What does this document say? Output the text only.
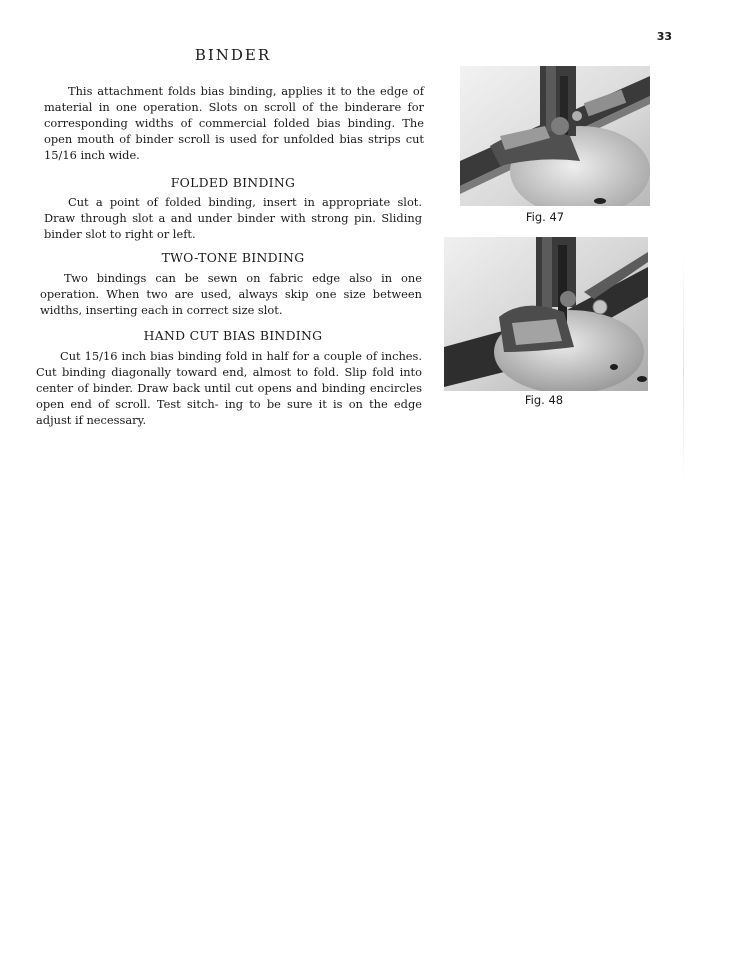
33
BINDER

This attachment folds bias binding, applies it to the edge of material in one operation. Slots on scroll of the binderare for corresponding widths of commercial folded bias binding. The open mouth of binder scroll is used for unfolded bias strips cut 15/16 inch wide.

FOLDED BINDING

Cut a point of folded binding, insert in appropriate slot. Draw through slot a and under binder with strong pin. Sliding binder slot to right or left.

TWO-TONE BINDING

Two bindings can be sewn on fabric edge also in one operation. When two are used, always skip one size between widths, inserting each in correct size slot.

HAND CUT BIAS BINDING

Cut 15/16 inch bias binding fold in half for a couple of inches. Cut binding diagonally toward end, almost to fold. Slip fold into center of binder. Draw back until cut opens and binding encircles open end of scroll. Test sitch- ing to be sure it is on the edge adjust if necessary.

Fig. 47
Fig. 48
